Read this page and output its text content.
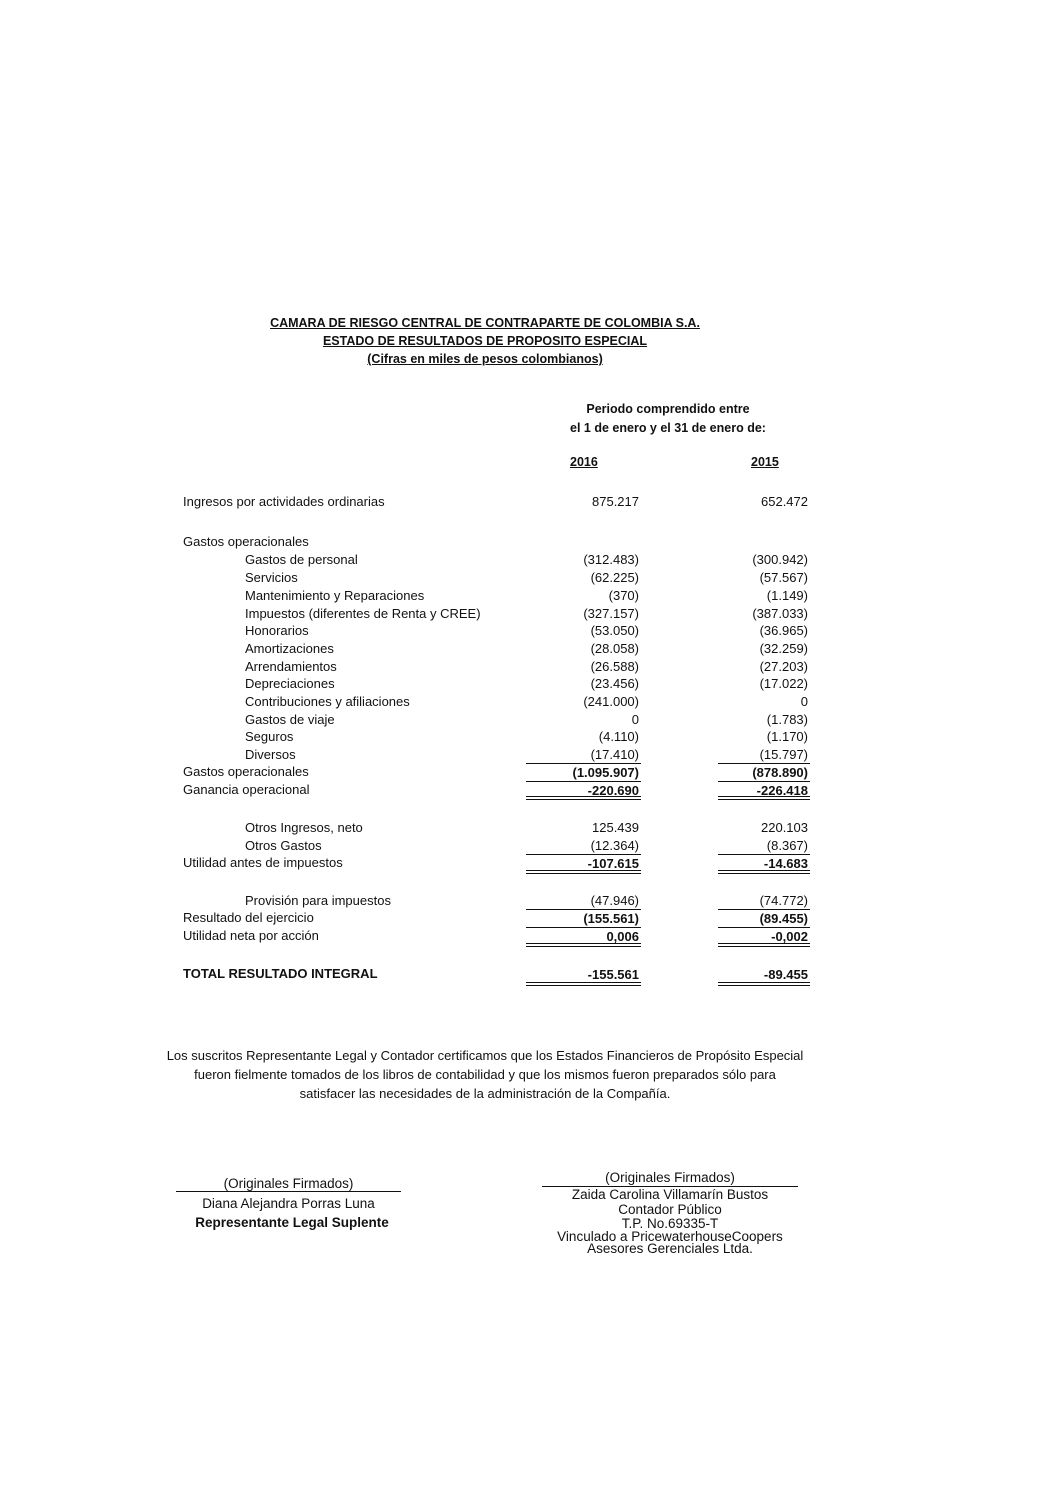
CAMARA DE RIESGO CENTRAL DE CONTRAPARTE DE COLOMBIA S.A.
ESTADO DE RESULTADOS DE PROPOSITO ESPECIAL
(Cifras en miles de pesos colombianos)
Periodo comprendido entre
el 1 de enero y el 31 de enero de:
2016	2015
Ingresos por actividades ordinarias	875.217	652.472
Gastos operacionales
Gastos de personal	(312.483)	(300.942)
Servicios	(62.225)	(57.567)
Mantenimiento y Reparaciones	(370)	(1.149)
Impuestos (diferentes de Renta y CREE)	(327.157)	(387.033)
Honorarios	(53.050)	(36.965)
Amortizaciones	(28.058)	(32.259)
Arrendamientos	(26.588)	(27.203)
Depreciaciones	(23.456)	(17.022)
Contribuciones y afiliaciones	(241.000)	0
Gastos de viaje	0	(1.783)
Seguros	(4.110)	(1.170)
Diversos	(17.410)	(15.797)
Gastos operacionales	(1.095.907)	(878.890)
Ganancia operacional	-220.690	-226.418
Otros Ingresos, neto	125.439	220.103
Otros Gastos	(12.364)	(8.367)
Utilidad antes de impuestos	-107.615	-14.683
Provisión para impuestos	(47.946)	(74.772)
Resultado del ejercicio	(155.561)	(89.455)
Utilidad neta por acción	0,006	-0,002
TOTAL RESULTADO INTEGRAL	-155.561	-89.455
Los suscritos Representante Legal y Contador certificamos que los Estados Financieros de Propósito Especial
fueron fielmente tomados de los libros de contabilidad y que los mismos fueron preparados sólo para
satisfacer las necesidades de la administración de la Compañía.
(Originales Firmados)
Diana Alejandra Porras Luna
Representante Legal Suplente
(Originales Firmados)
Zaida Carolina Villamarín Bustos
Contador Público
T.P. No.69335-T
Vinculado a PricewaterhouseCoopers
Asesores Gerenciales Ltda.
